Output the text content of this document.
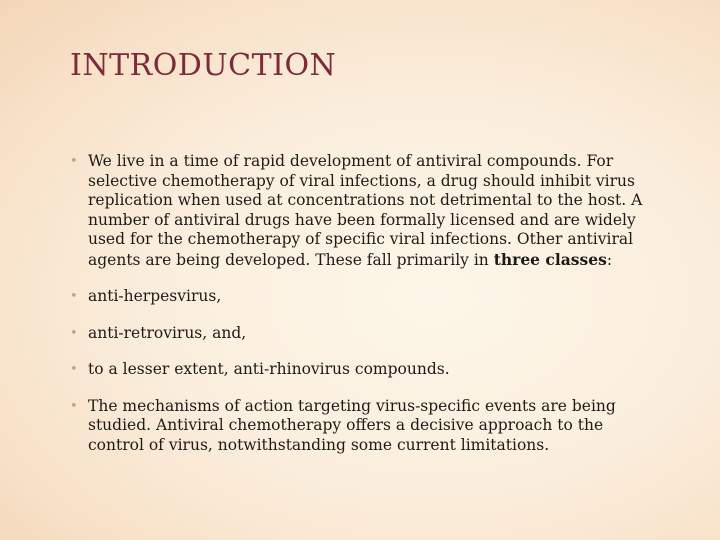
INTRODUCTION
• We live in a time of rapid development of antiviral compounds. For selective chemotherapy of viral infections, a drug should inhibit virus replication when used at concentrations not detrimental to the host. A number of antiviral drugs have been formally licensed and are widely used for the chemotherapy of specific viral infections. Other antiviral agents are being developed. These fall primarily in three classes:
• anti-herpesvirus,
• anti-retrovirus, and,
• to a lesser extent, anti-rhinovirus compounds.
• The mechanisms of action targeting virus-specific events are being studied. Antiviral chemotherapy offers a decisive approach to the control of virus, notwithstanding some current limitations.
